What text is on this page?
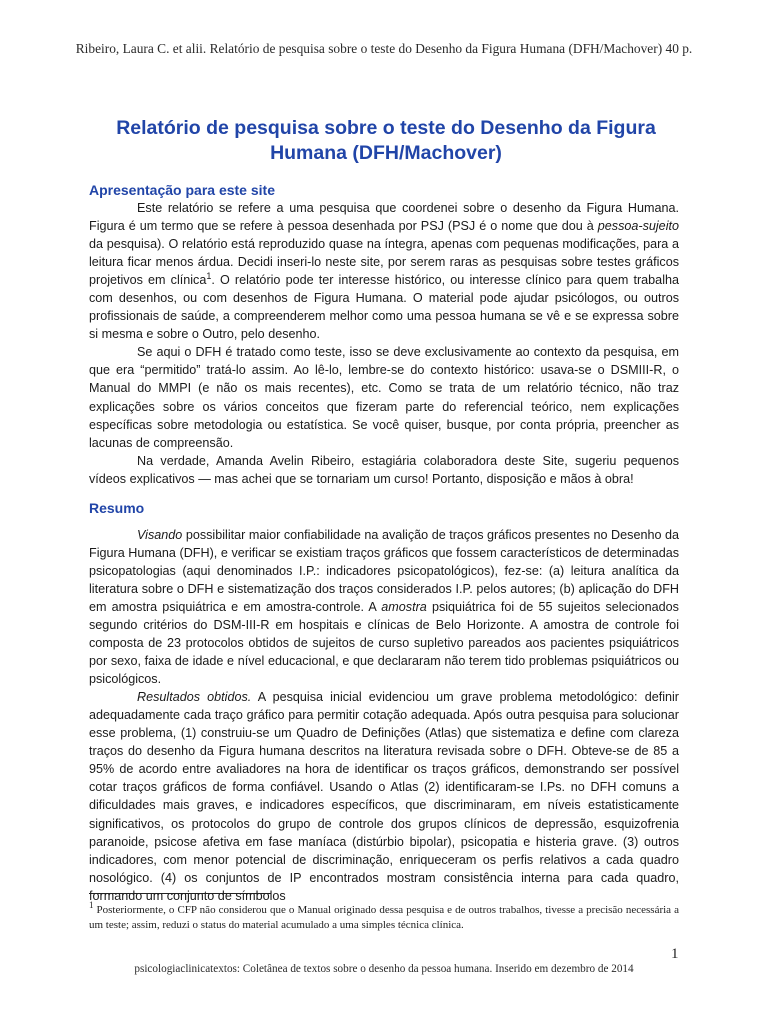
Ribeiro, Laura C. et alii. Relatório de pesquisa sobre o teste do Desenho da Figura Humana (DFH/Machover) 40 p.
Relatório de pesquisa sobre o teste do Desenho da Figura
Humana (DFH/Machover)
Apresentação para este site

Este relatório se refere a uma pesquisa que coordenei sobre o desenho da Figura Humana. Figura é um termo que se refere à pessoa desenhada por PSJ (PSJ é o nome que dou à pessoa-sujeito da pesquisa). O relatório está reproduzido quase na íntegra, apenas com pequenas modificações, para a leitura ficar menos árdua. Decidi inseri-lo neste site, por serem raras as pesquisas sobre testes gráficos projetivos em clínica$^1$. O relatório pode ter interesse histórico, ou interesse clínico para quem trabalha com desenhos, ou com desenhos de Figura Humana. O material pode ajudar psicólogos, ou outros profissionais de saúde, a compreenderem melhor como uma pessoa humana se vê e se expressa sobre si mesma e sobre o Outro, pelo desenho.

Se aqui o DFH é tratado como teste, isso se deve exclusivamente ao contexto da pesquisa, em que era “permitido” tratá-lo assim. Ao lê-lo, lembre-se do contexto histórico: usava-se o DSMIII-R, o Manual do MMPI (e não os mais recentes), etc. Como se trata de um relatório técnico, não traz explicações sobre os vários conceitos que fizeram parte do referencial teórico, nem explicações específicas sobre metodologia ou estatística. Se você quiser, busque, por conta própria, preencher as lacunas de compreensão.

Na verdade, Amanda Avelin Ribeiro, estagiária colaboradora deste Site, sugeriu pequenos vídeos explicativos — mas achei que se tornariam um curso! Portanto, disposição e mãos à obra!

Resumo

Visando possibilitar maior confiabilidade na avalição de traços gráficos presentes no Desenho da Figura Humana (DFH), e verificar se existiam traços gráficos que fossem característicos de determinadas psicopatologias (aqui denominados I.P.: indicadores psicopatológicos), fez-se: (a) leitura analítica da literatura sobre o DFH e sistematização dos traços considerados I.P. pelos autores; (b) aplicação do DFH em amostra psiquiátrica e em amostra-controle. A amostra psiquiátrica foi de 55 sujeitos selecionados segundo critérios do DSM-III-R em hospitais e clínicas de Belo Horizonte. A amostra de controle foi composta de 23 protocolos obtidos de sujeitos de curso supletivo pareados aos pacientes psiquiátricos por sexo, faixa de idade e nível educacional, e que declararam não terem tido problemas psiquiátricos ou psicológicos.

Resultados obtidos. A pesquisa inicial evidenciou um grave problema metodológico: definir adequadamente cada traço gráfico para permitir cotação adequada. Após outra pesquisa para solucionar esse problema, (1) construiu-se um Quadro de Definições (Atlas) que sistematiza e define com clareza traços do desenho da Figura humana descritos na literatura revisada sobre o DFH. Obteve-se de 85 a 95% de acordo entre avaliadores na hora de identificar os traços gráficos, demonstrando ser possível cotar traços gráficos de forma confiável. Usando o Atlas (2) identificaram-se I.Ps. no DFH comuns a dificuldades mais graves, e indicadores específicos, que discriminaram, em níveis estatisticamente significativos, os protocolos do grupo de controle dos grupos clínicos de depressão, esquizofrenia paranoide, psicose afetiva em fase maníaca (distúrbio bipolar), psicopatia e histeria grave. (3) outros indicadores, com menor potencial de discriminação, enriqueceram os perfis relativos a cada quadro nosológico. (4) os conjuntos de IP encontrados mostram consistência interna para cada quadro, formando um conjunto de símbolos

$^1$ Posteriormente, o CFP não considerou que o Manual originado dessa pesquisa e de outros trabalhos, tivesse a precisão necessária a um teste; assim, reduzi o status do material acumulado a uma simples técnica clínica.
1
psicologiaclinicatextos: Coletânea de textos sobre o desenho da pessoa humana. Inserido em dezembro de 2014
